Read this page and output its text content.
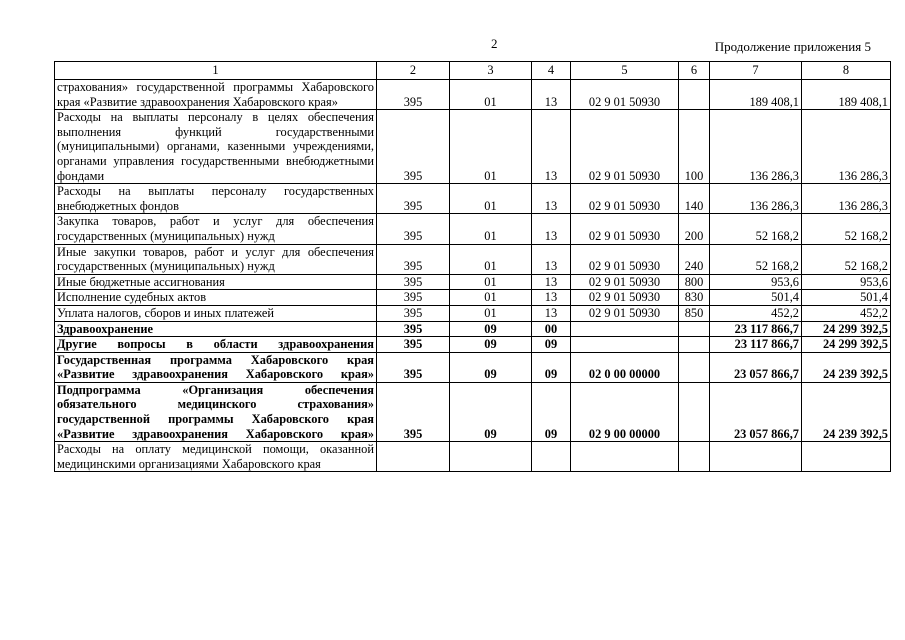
2	Продолжение приложения 5
1	2	3	4	5	6	7	8
страхования» государственной программы Хабаровского края «Развитие здравоохранения Хабаровского края»	395	01	13	02 9 01 50930		189 408,1	189 408,1
Расходы на выплаты персоналу в целях обеспечения выполнения функций государственными (муниципальными) органами, казенными учреждениями, органами управления государственными внебюджетными фондами	395	01	13	02 9 01 50930	100	136 286,3	136 286,3
Расходы на выплаты персоналу государственных внебюджетных фондов	395	01	13	02 9 01 50930	140	136 286,3	136 286,3
Закупка товаров, работ и услуг для обеспечения государственных (муниципальных) нужд	395	01	13	02 9 01 50930	200	52 168,2	52 168,2
Иные закупки товаров, работ и услуг для обеспечения государственных (муниципальных) нужд	395	01	13	02 9 01 50930	240	52 168,2	52 168,2
Иные бюджетные ассигнования	395	01	13	02 9 01 50930	800	953,6	953,6
Исполнение судебных актов	395	01	13	02 9 01 50930	830	501,4	501,4
Уплата налогов, сборов и иных платежей	395	01	13	02 9 01 50930	850	452,2	452,2
Здравоохранение	395	09	00			23 117 866,7	24 299 392,5
Другие вопросы в области здравоохранения	395	09	09			23 117 866,7	24 299 392,5
Государственная программа Хабаровского края «Развитие здравоохранения Хабаровского края»	395	09	09	02 0 00 00000		23 057 866,7	24 239 392,5
Подпрограмма «Организация обеспечения обязательного медицинского страхования» государственной программы Хабаровского края «Развитие здравоохранения Хабаровского края»	395	09	09	02 9 00 00000		23 057 866,7	24 239 392,5
Расходы на оплату медицинской помощи, оказанной медицинскими организациями Хабаровского края							
